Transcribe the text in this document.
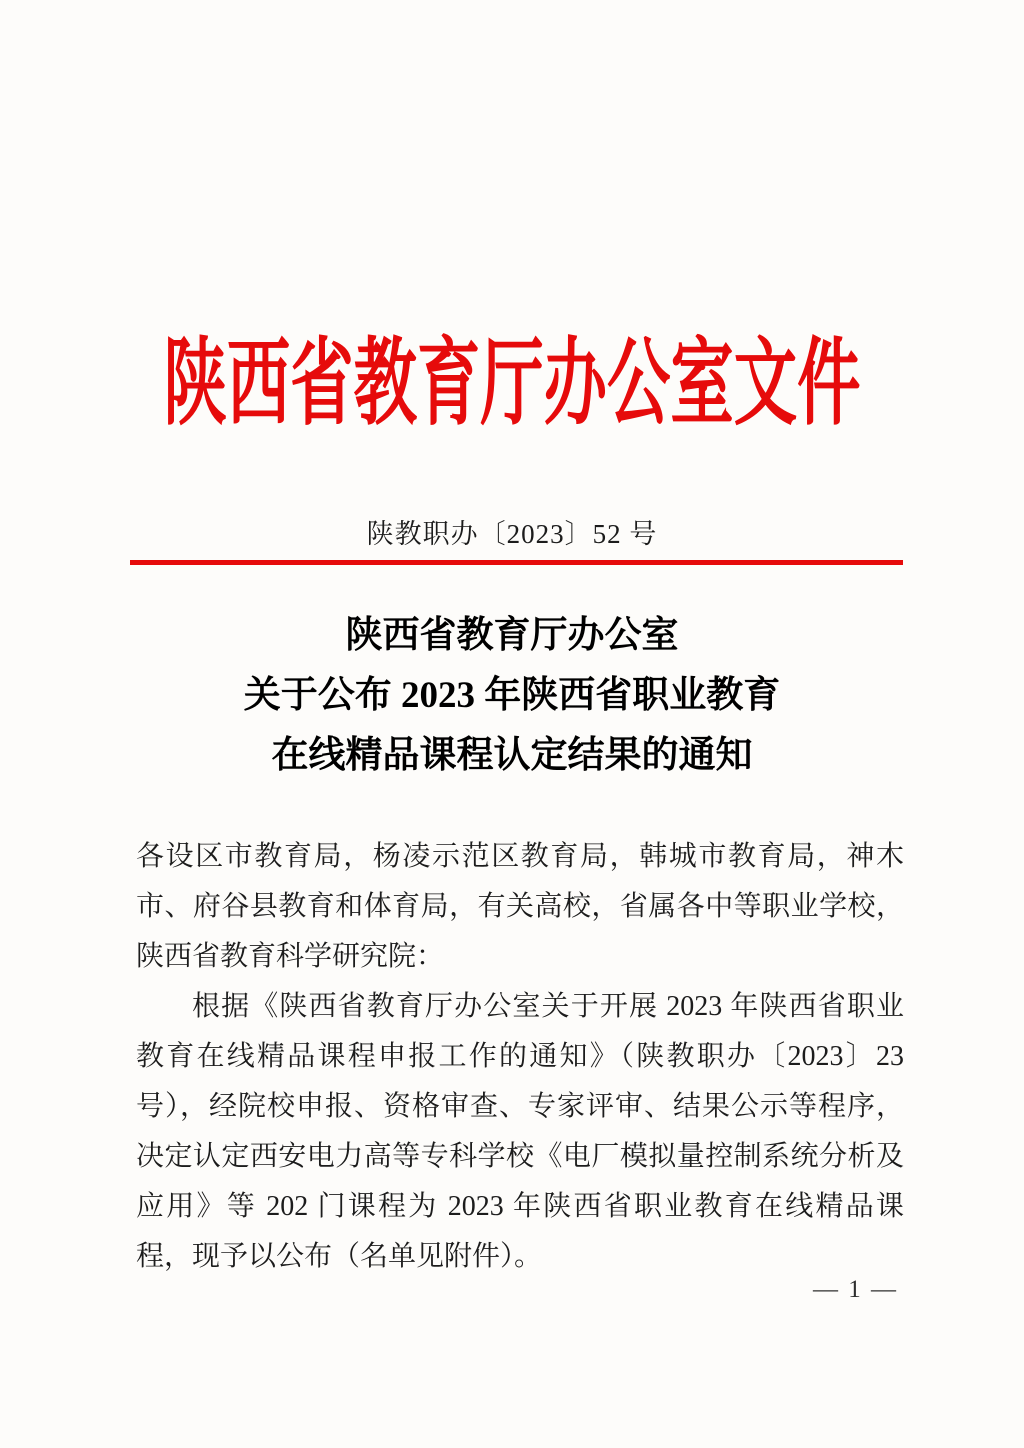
陕西省教育厅办公室文件
陕教职办〔2023〕52 号
陕西省教育厅办公室
关于公布 2023 年陕西省职业教育
在线精品课程认定结果的通知

各设区市教育局，杨凌示范区教育局，韩城市教育局，神木市、府谷县教育和体育局，有关高校，省属各中等职业学校，陕西省教育科学研究院：

根据《陕西省教育厅办公室关于开展 2023 年陕西省职业教育在线精品课程申报工作的通知》（陕教职办〔2023〕23 号），经院校申报、资格审查、专家评审、结果公示等程序，决定认定西安电力高等专科学校《电厂模拟量控制系统分析及应用》等 202 门课程为 2023 年陕西省职业教育在线精品课程，现予以公布（名单见附件）。

— 1 —
